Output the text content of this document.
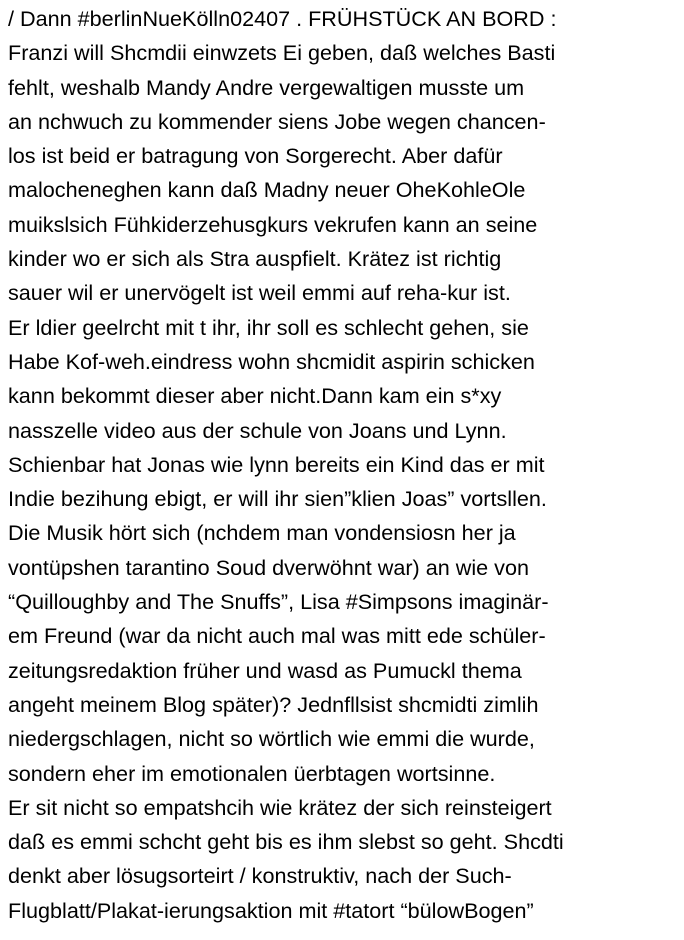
/ Dann #berlinNueKölln02407 . FRÜHSTÜCK AN BORD :
Franzi will Shcmdii einwzets Ei geben, daß welches Basti
fehlt, weshalb Mandy Andre vergewaltigen musste um
an nchwuch zu kommender siens Jobe wegen chancen-
los ist beid er batragung von Sorgerecht. Aber dafür
malocheneghen kann daß Madny neuer OheKohleOle
muikslsich Fühkiderzehusgkurs vekrufen kann an seine
kinder wo er sich als Stra auspfielt. Krätez ist richtig
sauer wil er unervögelt ist weil emmi auf reha-kur ist.
Er ldier geelrcht mit t ihr, ihr soll es schlecht gehen, sie
Habe Kof-weh.eindress wohn shcmidit aspirin schicken
kann bekommt dieser aber nicht.Dann kam ein s*xy
nasszelle video aus der schule von Joans und Lynn.
Schienbar hat Jonas wie lynn bereits ein Kind das er mit
Indie bezihung ebigt, er will ihr sien”klien Joas” vortsllen.
Die Musik hört sich (nchdem man vondensiosn her ja
vontüpshen tarantino Soud dverwöhnt war) an wie von
“Quilloughby and The Snuffs”, Lisa #Simpsons imaginär-
em Freund (war da nicht auch mal was mitt ede schüler-
zeitungsredaktion früher und wasd as Pumuckl thema
angeht meinem Blog später)? Jednfllsist shcmidti zimlih
niedergschlagen, nicht so wörtlich wie emmi die wurde,
sondern eher im emotionalen üerbtagen wortsinne.
Er sit nicht so empatshcih wie krätez der sich reinsteigert
daß es emmi schcht geht bis es ihm slebst so geht. Shcdti
denkt aber lösugsorteirt / konstruktiv, nach der Such-
Flugblatt/Plakat-ierungsaktion mit #tatort “bülowBogen”
